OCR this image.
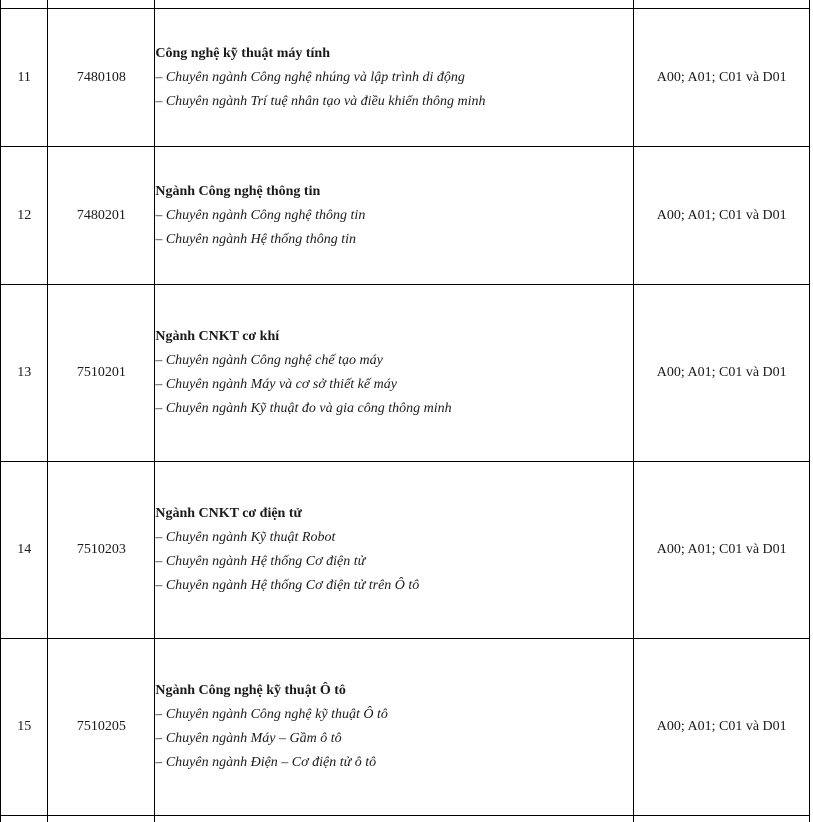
11	7480108	Công nghệ kỹ thuật máy tính
– Chuyên ngành Công nghệ nhúng và lập trình di động
– Chuyên ngành Trí tuệ nhân tạo và điều khiển thông minh	A00; A01; C01 và D01
12	7480201	Ngành Công nghệ thông tin
– Chuyên ngành Công nghệ thông tin
– Chuyên ngành Hệ thống thông tin	A00; A01; C01 và D01
13	7510201	Ngành CNKT cơ khí
– Chuyên ngành Công nghệ chế tạo máy
– Chuyên ngành Máy và cơ sở thiết kế máy
– Chuyên ngành Kỹ thuật đo và gia công thông minh	A00; A01; C01 và D01
14	7510203	Ngành CNKT cơ điện tử
– Chuyên ngành Kỹ thuật Robot
– Chuyên ngành Hệ thống Cơ điện tử
– Chuyên ngành Hệ thống Cơ điện tử trên Ô tô	A00; A01; C01 và D01
15	7510205	Ngành Công nghệ kỹ thuật Ô tô
– Chuyên ngành Công nghệ kỹ thuật Ô tô
– Chuyên ngành Máy – Gầm ô tô
– Chuyên ngành Điện – Cơ điện tử ô tô	A00; A01; C01 và D01
